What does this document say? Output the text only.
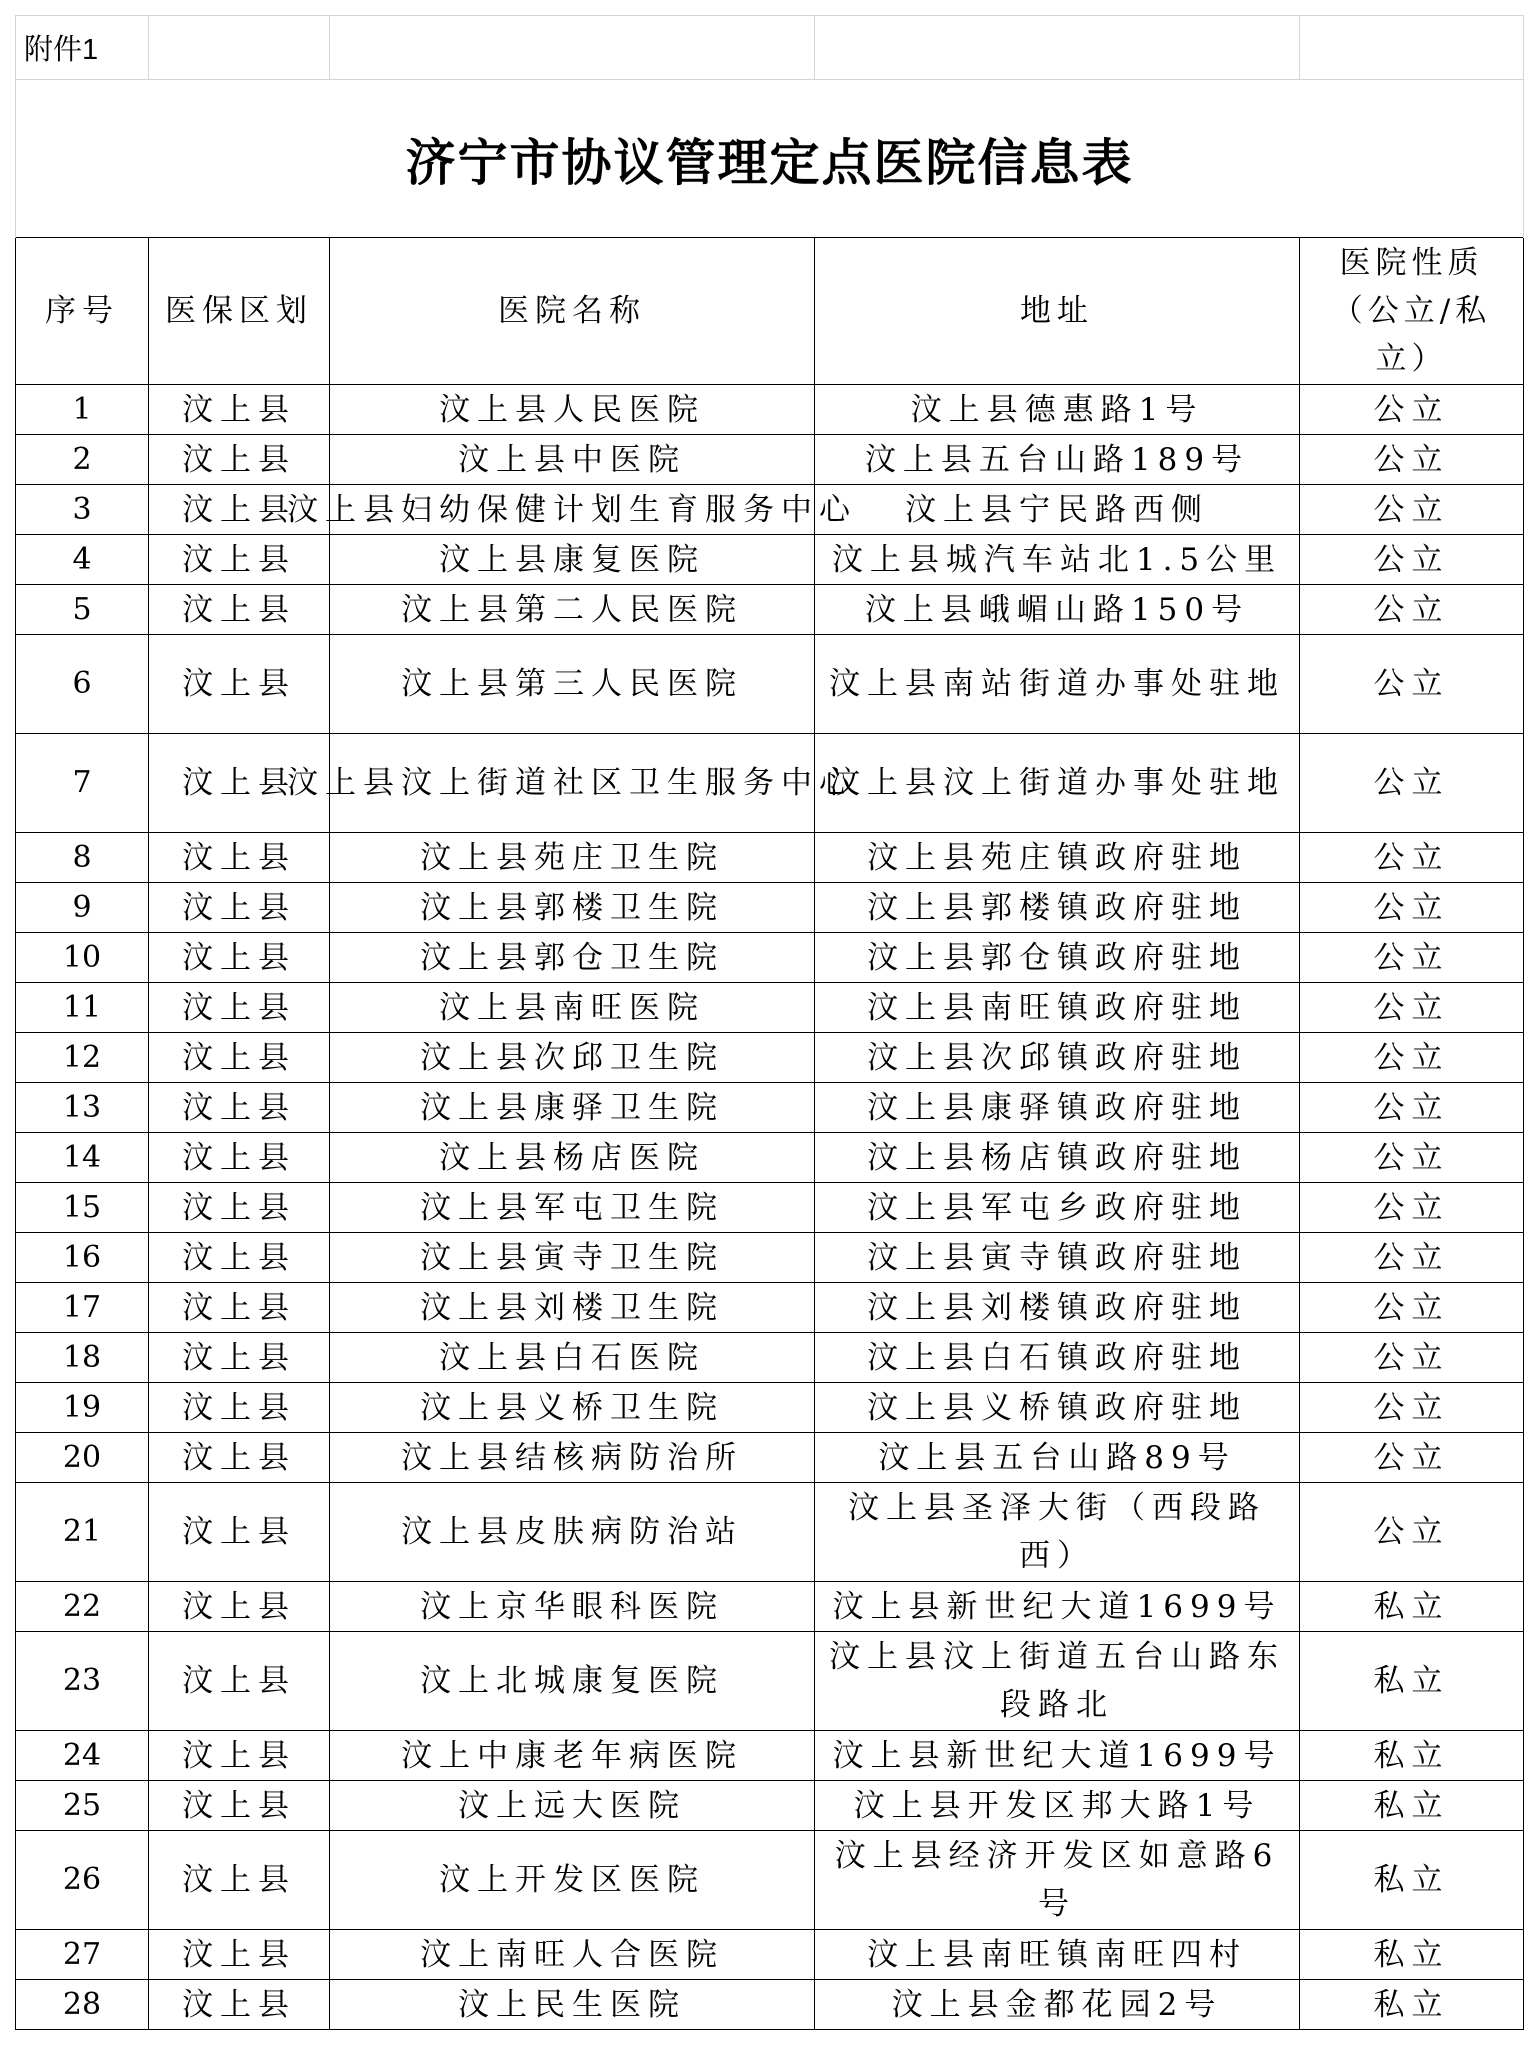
附件1				
济宁市协议管理定点医院信息表				
序号	医保区划	医院名称	地址	医院性质（公立/私立）
1	汶上县	汶上县人民医院	汶上县德惠路1号	公立
2	汶上县	汶上县中医院	汶上县五台山路189号	公立
3	汶上县	汶上县妇幼保健计划生育服务中心	汶上县宁民路西侧	公立
4	汶上县	汶上县康复医院	汶上县城汽车站北1.5公里	公立
5	汶上县	汶上县第二人民医院	汶上县峨嵋山路150号	公立
6	汶上县	汶上县第三人民医院	汶上县南站街道办事处驻地	公立
7	汶上县	汶上县汶上街道社区卫生服务中心	汶上县汶上街道办事处驻地	公立
8	汶上县	汶上县苑庄卫生院	汶上县苑庄镇政府驻地	公立
9	汶上县	汶上县郭楼卫生院	汶上县郭楼镇政府驻地	公立
10	汶上县	汶上县郭仓卫生院	汶上县郭仓镇政府驻地	公立
11	汶上县	汶上县南旺医院	汶上县南旺镇政府驻地	公立
12	汶上县	汶上县次邱卫生院	汶上县次邱镇政府驻地	公立
13	汶上县	汶上县康驿卫生院	汶上县康驿镇政府驻地	公立
14	汶上县	汶上县杨店医院	汶上县杨店镇政府驻地	公立
15	汶上县	汶上县军屯卫生院	汶上县军屯乡政府驻地	公立
16	汶上县	汶上县寅寺卫生院	汶上县寅寺镇政府驻地	公立
17	汶上县	汶上县刘楼卫生院	汶上县刘楼镇政府驻地	公立
18	汶上县	汶上县白石医院	汶上县白石镇政府驻地	公立
19	汶上县	汶上县义桥卫生院	汶上县义桥镇政府驻地	公立
20	汶上县	汶上县结核病防治所	汶上县五台山路89号	公立
21	汶上县	汶上县皮肤病防治站	汶上县圣泽大街（西段路西）	公立
22	汶上县	汶上京华眼科医院	汶上县新世纪大道1699号	私立
23	汶上县	汶上北城康复医院	汶上县汶上街道五台山路东段路北	私立
24	汶上县	汶上中康老年病医院	汶上县新世纪大道1699号	私立
25	汶上县	汶上远大医院	汶上县开发区邦大路1号	私立
26	汶上县	汶上开发区医院	汶上县经济开发区如意路6号	私立
27	汶上县	汶上南旺人合医院	汶上县南旺镇南旺四村	私立
28	汶上县	汶上民生医院	汶上县金都花园2号	私立
